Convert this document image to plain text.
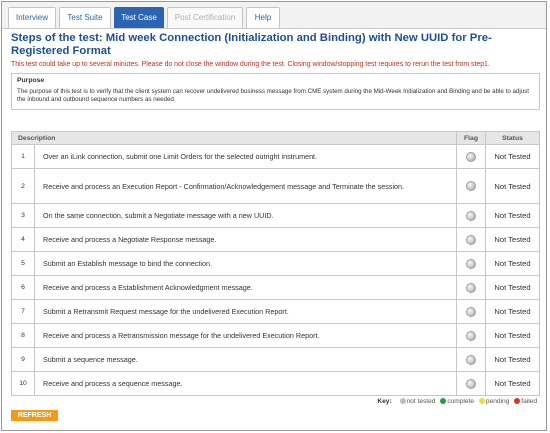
Interview	Test Suite	Test Case	Post Certification	Help
Steps of the test: Mid week Connection (Initialization and Binding) with New UUID for Pre-Registered Format
This test could take up to several minutes. Please do not close the window during the test. Closing window/stopping test requires to rerun the test from step1.
Purpose
The purpose of this test is to verify that the client system can recover undelivered business message from CME system during the Mid-Week Initialization and Binding and be able to adjust the inbound and outbound sequence numbers as needed.
Description	Flag	Status

1 Over an iLink connection, submit one Limit Orders for the selected outright instrument.		Not Tested

2 Receive and process an Execution Report - Confirmation/Acknowledgement message and Terminate the session.		Not Tested

3 On the same connection, submit a Negotiate message with a new UUID.		Not Tested

4 Receive and process a Negotiate Response message.		Not Tested

5 Submit an Establish message to bind the connection.		Not Tested

6 Receive and process a Establishment Acknowledgment message.		Not Tested

7 Submit a Retransmit Request message for the undelivered Execution Report.		Not Tested

8 Receive and process a Retransmission message for the undelivered Execution Report.		Not Tested

9 Submit a sequence message.		Not Tested

10 Receive and process a sequence message.		Not Tested
Key: not tested complete pending failed
REFRESH
